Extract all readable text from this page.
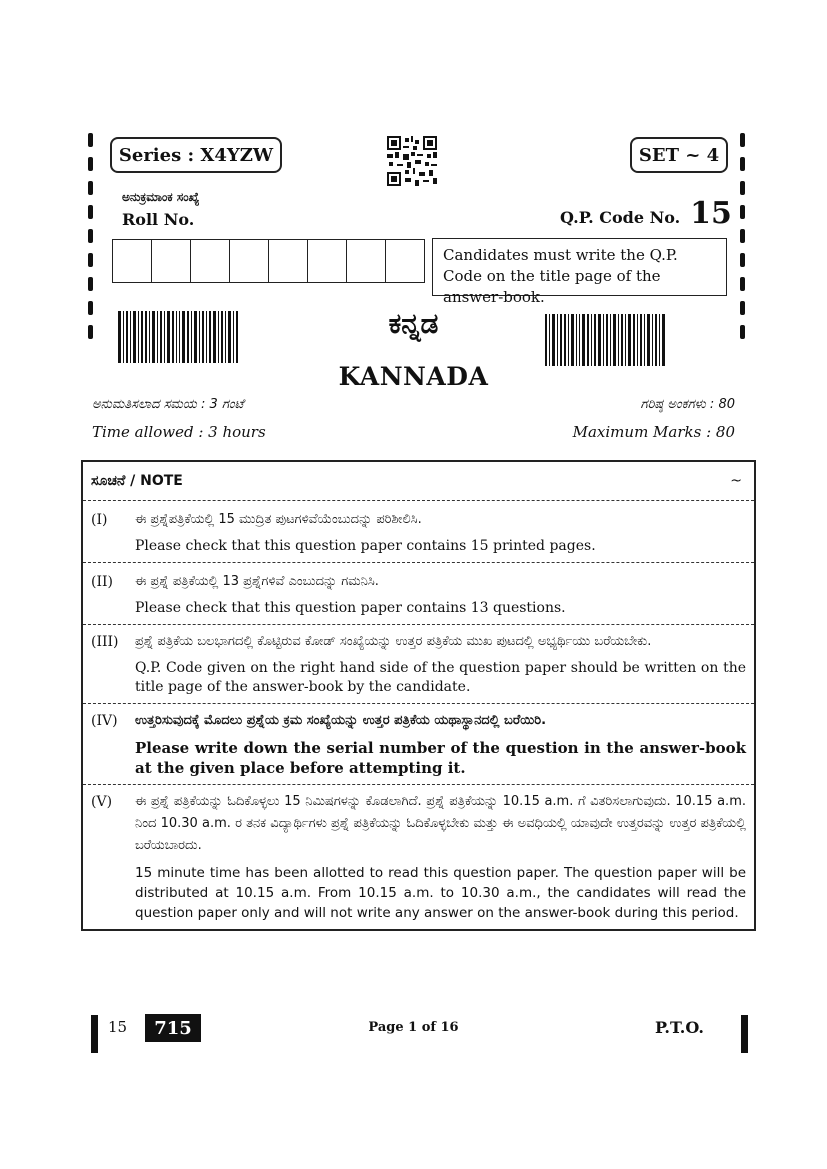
Series : X4YZW	SET ~ 4
ಅನುಕ್ರಮಾಂಕ ಸಂಖ್ಯೆ
Roll No.	Q.P. Code No. 15
Candidates must write the Q.P. Code on the title page of the answer-book.
ಕನ್ನಡ
KANNADA
ಅನುಮತಿಸಲಾದ ಸಮಯ : 3 ಗಂಟೆ	ಗರಿಷ್ಠ ಅಂಕಗಳು : 80
Time allowed : 3 hours	Maximum Marks : 80
ಸೂಚನೆ / NOTE	~
(I)	ಈ ಪ್ರಶ್ನೆಪತ್ರಿಕೆಯಲ್ಲಿ 15 ಮುದ್ರಿತ ಪುಟಗಳಿವೆಯೆಂಬುದನ್ನು ಪರಿಶೀಲಿಸಿ.

Please check that this question paper contains 15 printed pages.

(II)	ಈ ಪ್ರಶ್ನೆ ಪತ್ರಿಕೆಯಲ್ಲಿ 13 ಪ್ರಶ್ನೆಗಳಿವೆ ಎಂಬುದನ್ನು ಗಮನಿಸಿ.

Please check that this question paper contains 13 questions.

(III)	ಪ್ರಶ್ನೆ ಪತ್ರಿಕೆಯ ಬಲಭಾಗದಲ್ಲಿ ಕೊಟ್ಟಿರುವ ಕೋಡ್ ಸಂಖ್ಯೆಯನ್ನು ಉತ್ತರ ಪತ್ರಿಕೆಯ ಮುಖ ಪುಟದಲ್ಲಿ ಅಭ್ಯರ್ಥಿಯು ಬರೆಯಬೇಕು.

Q.P. Code given on the right hand side of the question paper should be written on the title page of the answer-book by the candidate.

(IV)	ಉತ್ತರಿಸುವುದಕ್ಕೆ ಮೊದಲು ಪ್ರಶ್ನೆಯ ಕ್ರಮ ಸಂಖ್ಯೆಯನ್ನು ಉತ್ತರ ಪತ್ರಿಕೆಯ ಯಥಾಸ್ಥಾನದಲ್ಲಿ ಬರೆಯಿರಿ.

Please write down the serial number of the question in the answer-book at the given place before attempting it.

(V)	ಈ ಪ್ರಶ್ನೆ ಪತ್ರಿಕೆಯನ್ನು ಓದಿಕೊಳ್ಳಲು 15 ನಿಮಿಷಗಳನ್ನು ಕೊಡಲಾಗಿದೆ. ಪ್ರಶ್ನೆ ಪತ್ರಿಕೆಯನ್ನು 10.15 a.m. ಗೆ ವಿತರಿಸಲಾಗುವುದು. 10.15 a.m. ನಿಂದ 10.30 a.m. ರ ತನಕ ವಿದ್ಯಾರ್ಥಿಗಳು ಪ್ರಶ್ನೆ ಪತ್ರಿಕೆಯನ್ನು ಓದಿಕೊಳ್ಳಬೇಕು ಮತ್ತು ಈ ಅವಧಿಯಲ್ಲಿ ಯಾವುದೇ ಉತ್ತರವನ್ನು ಉತ್ತರ ಪತ್ರಿಕೆಯಲ್ಲಿ ಬರೆಯಬಾರದು.

15 minute time has been allotted to read this question paper. The question paper will be distributed at 10.15 a.m. From 10.15 a.m. to 10.30 a.m., the candidates will read the question paper only and will not write any answer on the answer-book during this period.

15	715	Page 1 of 16	P.T.O.
